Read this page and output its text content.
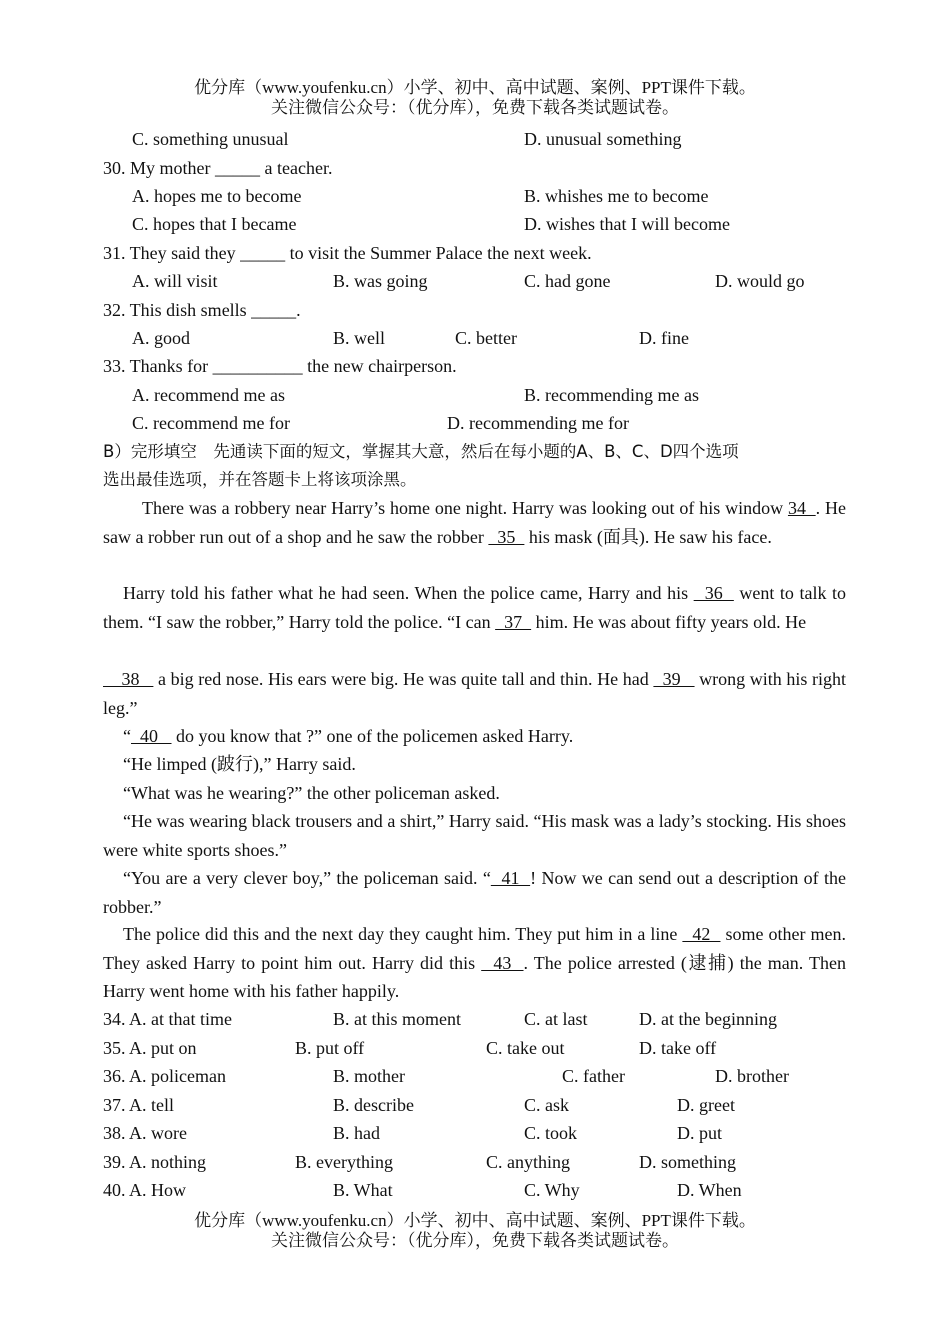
优分库（www.youfenku.cn）小学、初中、高中试题、案例、PPT课件下载。
关注微信公众号：（优分库），免费下载各类试题试卷。
C. something unusual	D. unusual something
30. My mother _____ a teacher.
A. hopes me to become	B. whishes me to become
C. hopes that I became	D. wishes that I will become
31. They said they _____ to visit the Summer Palace the next week.
A. will visit	B. was going	C. had gone	D. would go
32. This dish smells _____.
A. good	B. well	C. better	D. fine
33. Thanks for __________ the new chairperson.
A. recommend me as	B. recommending me as
C. recommend me for	D. recommending me for
B）完形填空　先通读下面的短文，掌握其大意，然后在每小题的A、B、C、D四个选项
选出最佳选项，并在答题卡上将该项涂黑。
There was a robbery near Harry’s home one night. Harry was looking out of his window 34  . He saw a robber run out of a shop and he saw the robber   35   his mask (面具). He saw his face.
Harry told his father what he had seen. When the police came, Harry and his   36   went to talk to them. “I saw the robber,” Harry told the police. “I can   37   him. He was about fifty years old. He
38    a big red nose. His ears were big. He was quite tall and thin. He had   39    wrong with his right leg.”
“  40    do you know that ?” one of the policemen asked Harry.
“He limped (跛行),” Harry said.
“What was he wearing?” the other policeman asked.
“He was wearing black trousers and a shirt,” Harry said. “His mask was a lady’s stocking. His shoes were white sports shoes.”
“You are a very clever boy,” the policeman said. “  41  ! Now we can send out a description of the robber.”
The police did this and the next day they caught him. They put him in a line   42   some other men. They asked Harry to point him out. Harry did this   43  . The police arrested (逮捕) the man. Then Harry went home with his father happily.
34. A. at that time	B. at this moment	C. at last	D. at the beginning
35. A. put on	B. put off	C. take out	D. take off
36. A. policeman	B. mother	C. father	D. brother
37. A. tell	B. describe	C. ask	D. greet
38. A. wore	B. had	C. took	D. put
39. A. nothing	B. everything	C. anything	D. something
40. A. How	B. What	C. Why	D. When
优分库（www.youfenku.cn）小学、初中、高中试题、案例、PPT课件下载。
关注微信公众号：（优分库），免费下载各类试题试卷。
